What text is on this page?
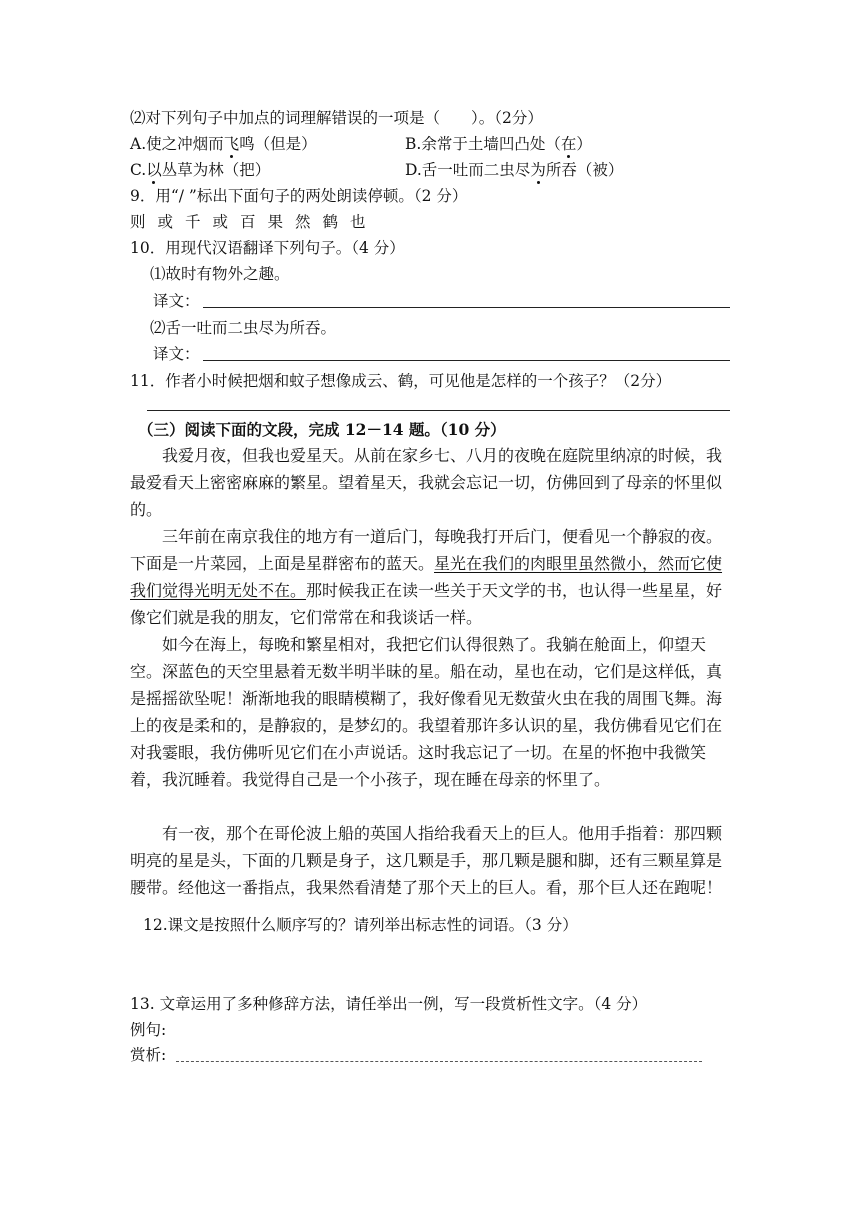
⑵对下列句子中加点的词理解错误的一项是（　　）。（2分）
A.使之冲烟而飞鸣（但是）	B.余常于土墙凹凸处（在）
C.以丛草为林（把）	D.舌一吐而二虫尽为所吞（被）
9．用“/ ”标出下面句子的两处朗读停顿。（2 分）
则或千或百果然鹤也
10．用现代汉语翻译下列句子。（4 分）
⑴故时有物外之趣。
译文：
⑵舌一吐而二虫尽为所吞。
译文：
11．作者小时候把烟和蚊子想像成云、鹤，可见他是怎样的一个孩子？（2分）
（三）阅读下面的文段，完成 12－14 题。（10 分）
我爱月夜，但我也爱星天。从前在家乡七、八月的夜晚在庭院里纳凉的时候，我最爱看天上密密麻麻的繁星。望着星天，我就会忘记一切，仿佛回到了母亲的怀里似的。
三年前在南京我住的地方有一道后门，每晚我打开后门，便看见一个静寂的夜。下面是一片菜园，上面是星群密布的蓝天。星光在我们的肉眼里虽然微小，然而它使我们觉得光明无处不在。那时候我正在读一些关于天文学的书，也认得一些星星，好像它们就是我的朋友，它们常常在和我谈话一样。
如今在海上，每晚和繁星相对，我把它们认得很熟了。我躺在舱面上，仰望天空。深蓝色的天空里悬着无数半明半昧的星。船在动，星也在动，它们是这样低，真是摇摇欲坠呢！渐渐地我的眼睛模糊了，我好像看见无数萤火虫在我的周围飞舞。海上的夜是柔和的，是静寂的，是梦幻的。我望着那许多认识的星，我仿佛看见它们在对我霎眼，我仿佛听见它们在小声说话。这时我忘记了一切。在星的怀抱中我微笑着，我沉睡着。我觉得自己是一个小孩子，现在睡在母亲的怀里了。
有一夜，那个在哥伦波上船的英国人指给我看天上的巨人。他用手指着：那四颗明亮的星是头，下面的几颗是身子，这几颗是手，那几颗是腿和脚，还有三颗星算是腰带。经他这一番指点，我果然看清楚了那个天上的巨人。看，那个巨人还在跑呢！
12.课文是按照什么顺序写的？请列举出标志性的词语。（3 分）
13. 文章运用了多种修辞方法，请任举出一例，写一段赏析性文字。（4 分）
例句:
赏析:
